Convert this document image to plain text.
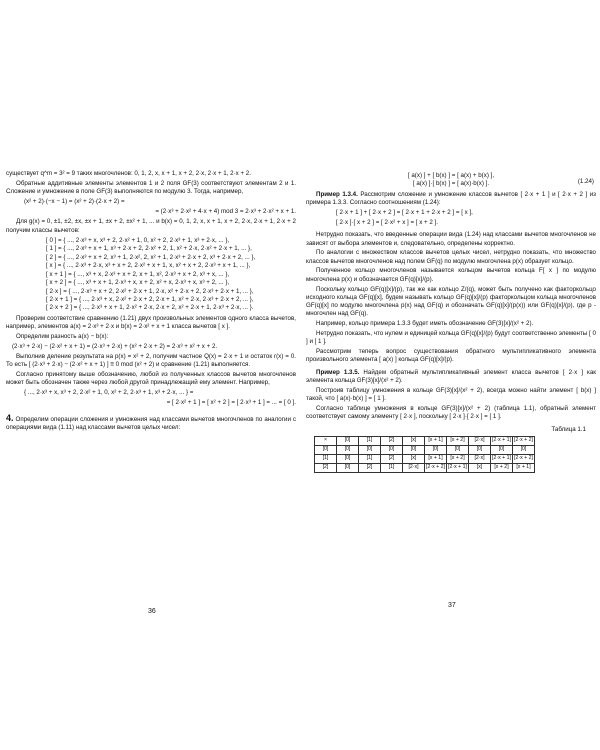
существует q^m = 3² = 9 таких многочленов: 0, 1, 2, x, x + 1, x + 2, 2·x, 2·x + 1, 2·x + 2.

Обратные аддитивные элементы элементов 1 и 2 поля GF(3) соответствуют элементам 2 и 1. Сложение и умножение в поле GF(3) выполняются по модулю 3. Тогда, например,

(x² + 2)·(−x − 1) = (x² + 2)·(2·x + 2) =
= (2·x³ + 2·x² + 4·x + 4) mod 3 = 2·x³ + 2·x² + x + 1.

Для g(x) = 0, ±1, ±2, ±x, ±x + 1, ±x + 2, ±x² + 1, ... и b(x) = 0, 1, 2, x, x + 1, x + 2, 2·x, 2·x + 1, 2·x + 2 получим классы вычетов:

[ 0 ] = { ..., 2·x³ + x, x³ + 2, 2·x² + 1, 0, x² + 2, 2·x³ + 1, x³ + 2·x, ... },
[ 1 ] = { ..., 2·x³ + x + 1, x³ + 2·x + 2, 2·x² + 2, 1, x² + 2·x, 2·x² + 2·x + 1, ... },
[ 2 ] = { ..., 2·x³ + x + 2, x³ + 1, 2·x², 2, x² + 1, 2·x³ + 2·x + 2, x³ + 2·x + 2, ... },
[ x ] = { ..., 2·x³ + 2·x, x³ + x + 2, 2·x² + x + 1, x, x² + x + 2, 2·x³ + x + 1, ... },
[ x + 1 ] = { ..., x³ + x, 2·x³ + x + 2, x + 1, x², 2·x³ + x + 2, x³ + x, ... },
[ x + 2 ] = { ..., x³ + x + 1, 2·x³ + x, x + 2, x² + x, 2·x³ + x, x³ + 2, ... },
[ 2·x ] = { ..., 2·x³ + x + 2, 2·x² + 2·x + 1, 2·x, x² + 2·x + 2, 2·x³ + 2·x + 1, ... },
[ 2·x + 1 ] = { ..., 2·x³ + x, 2·x² + 2·x + 2, 2·x + 1, x² + 2·x, 2·x³ + 2·x + 2, ... },
[ 2·x + 2 ] = { ..., 2·x³ + x + 1, 2·x² + 2·x, 2·x + 2, x² + 2·x + 1, 2·x³ + 2·x, ... }.

Проверим соответствие сравнению (1.21) двух произвольных элементов одного класса вычетов, например, элементов a(x) = 2·x³ + 2·x и b(x) = 2·x² + x + 1 класса вычетов [ x ].

Определим разность a(x) − b(x):

(2·x³ + 2·x) − (2·x² + x + 1) = (2·x³ + 2·x) + (x² + 2·x + 2) = 2·x³ + x² + x + 2.

Выполнив деление результата на p(x) = x² + 2, получим частное Q(x) = 2·x + 1 и остаток r(x) = 0. То есть [ (2·x³ + 2·x) − (2·x² + x + 1) ] ≡ 0 mod (x² + 2) и сравнение (1.21) выполняется.

Согласно принятому выше обозначению, любой из полученных классов вычетов многочленов может быть обозначен также через любой другой принадлежащий ему элемент. Например,

{ ..., 2·x³ + x, x³ + 2, 2·x² + 1, 0, x² + 2, 2·x³ + 1, x³ + 2·x, ... } =
= [ 2·x² + 1 ] = [ x² + 2 ] = [ 2·x³ + 1 ] = ... = [ 0 ].

4. Определим операции сложения и умножения над классами вычетов многочленов по аналогии с операциями вида (1.11) над классами вычетов целых чисел:

36
[ a(x) ] + [ b(x) ] = [ a(x) + b(x) ],
[ a(x) ]·[ b(x) ] = [ a(x)·b(x) ].	(1.24)

Пример 1.3.4. Рассмотрим сложение и умножение классов вычетов [ 2·x + 1 ] и [ 2·x + 2 ] из примера 1.3.3. Согласно соотношениям (1.24):

[ 2·x + 1 ] + [ 2·x + 2 ] = [ 2·x + 1 + 2·x + 2 ] = [ x ],
[ 2·x ]·[ x + 2 ] = [ 2·x² + x ] = [ x + 2 ].

Нетрудно показать, что введенные операции вида (1.24) над классами вычетов многочленов не зависят от выбора элементов и, следовательно, определены корректно.

По аналогии с множеством классов вычетов целых чисел, нетрудно показать, что множество классов вычетов многочленов над полем GF(q) по модулю многочлена p(x) образует кольцо.

Полученное кольцо многочленов называется кольцом вычетов кольца F[ x ] по модулю многочлена p(x) и обозначается GF(q)[x]/(p).

Поскольку кольцо GF(q)[x]/(p), так же как кольцо Z/(q), может быть получено как факторкольцо исходного кольца GF(q)[x], будем называть кольцо GF(q)[x]/(p) факторкольцом кольца многочленов GF(q)[x] по модулю многочлена p(x) над GF(q) и обозначать GF(q)[x]/(p(x)) или GF(q)[x]/(p), где p - многочлен над GF(q).

Например, кольцо примера 1.3.3 будет иметь обозначение GF(3)[x]/(x² + 2).

Нетрудно показать, что нулем и единицей кольца GF(q)[x]/(p) будут соответственно элементы [ 0 ] и [ 1 ].

Рассмотрим теперь вопрос существования обратного мультипликативного элемента произвольного элемента [ a(x) ] кольца GF(q)[x]/(p).

Пример 1.3.5. Найдем обратный мультипликативный элемент класса вычетов [ 2·x ] как элемента кольца GF(3)[x]/(x² + 2).

Построив таблицу умножения в кольце GF(3)[x]/(x² + 2), всегда можно найти элемент [ b(x) ] такой, что [ a(x)·b(x) ] = [ 1 ].

Согласно таблице умножения в кольце GF(3)[x]/(x² + 2) (таблица 1.1), обратный элемент соответствует самому элементу [ 2·x ], поскольку [ 2·x ]·[ 2·x ] = [ 1 ].

Таблица 1.1
×	[0]	[1]	[2]	[x]	[x + 1]	[x + 2]	[2·x]	[2·x + 1]	[2·x + 2]
[0]	[0]	[0]	[0]	[0]	[0]	[0]	[0]	[0]	[0]
[1]	[0]	[1]	[2]	[x]	[x + 1]	[x + 2]	[2·x]	[2·x + 1]	[2·x + 2]
[2]	[0]	[2]	[1]	[2·x]	[2·x + 2]	[2·x + 1]	[x]	[x + 2]	[x + 1]
37
